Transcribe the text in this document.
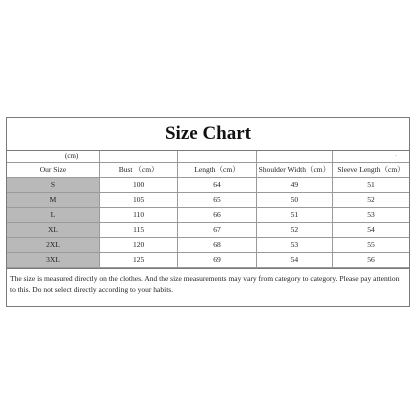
Size Chart
(cm)				·
Our Size	Bust （cm）	Length（cm）	Shoulder Width（cm）	Sleeve Length（cm）
S	100	64	49	51
M	105	65	50	52
L	110	66	51	53
XL	115	67	52	54
2XL	120	68	53	55
3XL	125	69	54	56
The size is measured directly on the clothes. And the size measurements may vary from category to category. Please pay attention to this. Do not select directly according to your habits.
